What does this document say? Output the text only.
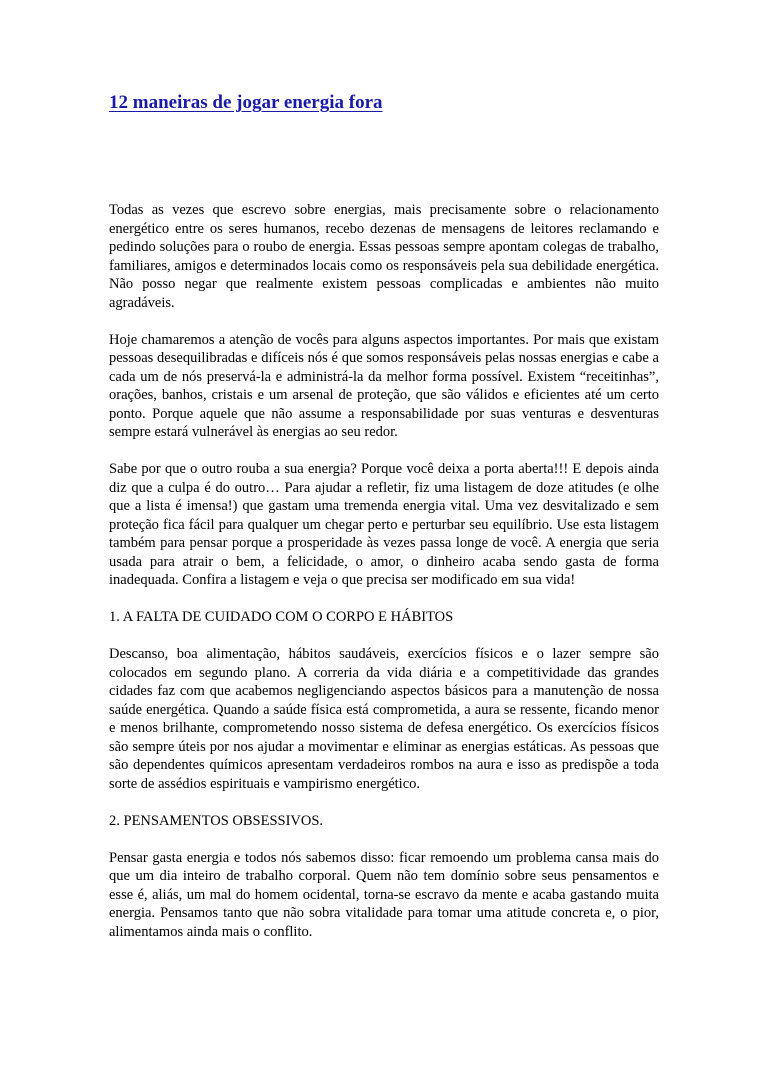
12 maneiras de jogar energia fora

Todas as vezes que escrevo sobre energias, mais precisamente sobre o relacionamento energético entre os seres humanos, recebo dezenas de mensagens de leitores reclamando e pedindo soluções para o roubo de energia. Essas pessoas sempre apontam colegas de trabalho, familiares, amigos e determinados locais como os responsáveis pela sua debilidade energética. Não posso negar que realmente existem pessoas complicadas e ambientes não muito agradáveis.

Hoje chamaremos a atenção de vocês para alguns aspectos importantes. Por mais que existam pessoas desequilibradas e difíceis nós é que somos responsáveis pelas nossas energias e cabe a cada um de nós preservá-la e administrá-la da melhor forma possível. Existem “receitinhas”, orações, banhos, cristais e um arsenal de proteção, que são válidos e eficientes até um certo ponto. Porque aquele que não assume a responsabilidade por suas venturas e desventuras sempre estará vulnerável às energias ao seu redor.

Sabe por que o outro rouba a sua energia? Porque você deixa a porta aberta!!! E depois ainda diz que a culpa é do outro… Para ajudar a refletir, fiz uma listagem de doze atitudes (e olhe que a lista é imensa!) que gastam uma tremenda energia vital. Uma vez desvitalizado e sem proteção fica fácil para qualquer um chegar perto e perturbar seu equilíbrio. Use esta listagem também para pensar porque a prosperidade às vezes passa longe de você. A energia que seria usada para atrair o bem, a felicidade, o amor, o dinheiro acaba sendo gasta de forma inadequada. Confira a listagem e veja o que precisa ser modificado em sua vida!

1. A FALTA DE CUIDADO COM O CORPO E HÁBITOS

Descanso, boa alimentação, hábitos saudáveis, exercícios físicos e o lazer sempre são colocados em segundo plano. A correria da vida diária e a competitividade das grandes cidades faz com que acabemos negligenciando aspectos básicos para a manutenção de nossa saúde energética. Quando a saúde física está comprometida, a aura se ressente, ficando menor e menos brilhante, comprometendo nosso sistema de defesa energético. Os exercícios físicos são sempre úteis por nos ajudar a movimentar e eliminar as energias estáticas. As pessoas que são dependentes químicos apresentam verdadeiros rombos na aura e isso as predispõe a toda sorte de assédios espirituais e vampirismo energético.

2. PENSAMENTOS OBSESSIVOS.

Pensar gasta energia e todos nós sabemos disso: ficar remoendo um problema cansa mais do que um dia inteiro de trabalho corporal. Quem não tem domínio sobre seus pensamentos e esse é, aliás, um mal do homem ocidental, torna-se escravo da mente e acaba gastando muita energia. Pensamos tanto que não sobra vitalidade para tomar uma atitude concreta e, o pior, alimentamos ainda mais o conflito.
